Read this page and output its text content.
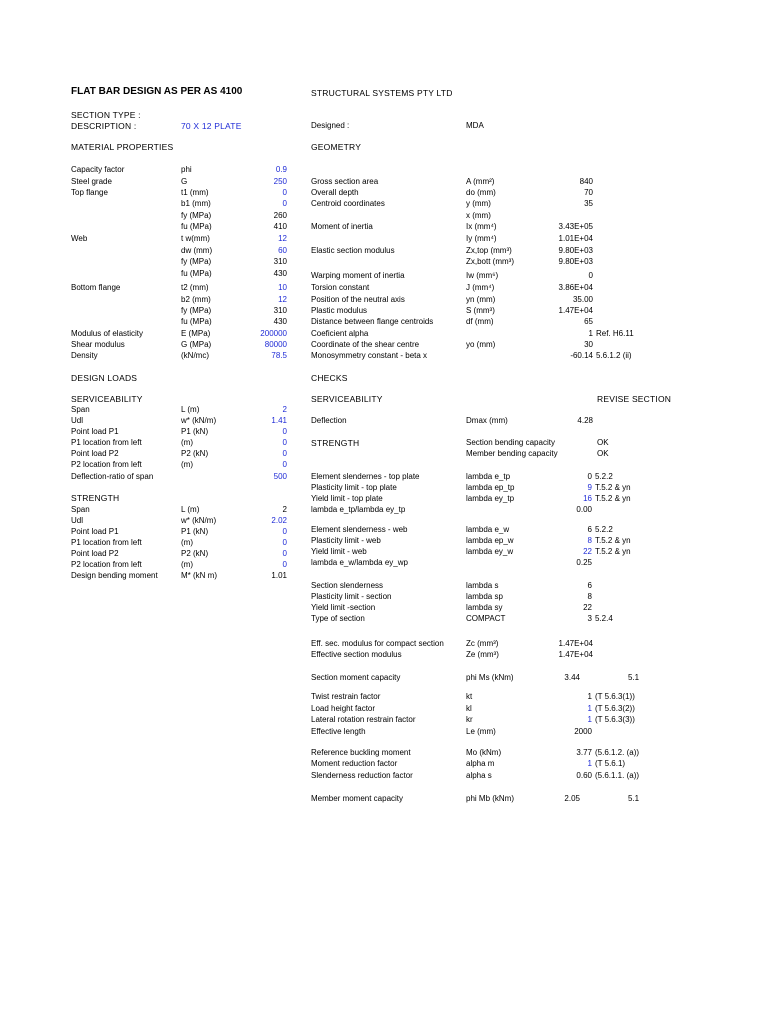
FLAT BAR DESIGN AS PER AS 4100	STRUCTURAL SYSTEMS PTY LTD
SECTION TYPE :
DESCRIPTION :	70 X 12 PLATE	Designed :	MDA
MATERIAL PROPERTIES	GEOMETRY
Capacity factor	phi	0.9
Steel grade	G	250
Top flange	t1 (mm)	0
b1 (mm)	0
fy (MPa)	260
fu (MPa)	410
Web	t w(mm)	12
dw (mm)	60
fy (MPa)	310
fu (MPa)	430
Bottom flange	t2 (mm)	10
b2 (mm)	12
fy (MPa)	310
fu (MPa)	430
Modulus of elasticity	E (MPa)	200000
Shear modulus	G (MPa)	80000
Density	(kN/mc)	78.5
Gross section area	A (mm²)	840
Overall depth	do (mm)	70
Centroid coordinates	y (mm)	35
x (mm)
Moment of inertia	Ix (mm⁴)	3.43E+05
Iy (mm⁴)	1.01E+04
Elastic section modulus	Zx,top (mm³)	9.80E+03
Zx,bott (mm³)	9.80E+03
Warping moment of inertia	Iw (mm⁶)	0
Torsion constant	J (mm⁴)	3.86E+04
Position of the neutral axis	yn (mm)	35.00
Plastic modulus	S (mm³)	1.47E+04
Distance between flange centroids	df (mm)	65
Coeficient alpha	1 Ref. H6.11
Coordinate of the shear centre	yo (mm)	30
Monosymmetry constant - beta x	-60.14 5.6.1.2 (ii)
DESIGN LOADS	CHECKS
SERVICEABILITY	SERVICEABILITY	REVISE SECTION
Span	L (m)	2
Udl	w* (kN/m)	1.41
Point load P1	P1 (kN)	0
P1 location from left	(m)	0
Point load P2	P2 (kN)	0
P2 location from left	(m)	0
Deflection-ratio of span	500
STRENGTH
Span	L (m)	2
Udl	w* (kN/m)	2.02
Point load P1	P1 (kN)	0
P1 location from left	(m)	0
Point load P2	P2 (kN)	0
P2 location from left	(m)	0
Design bending moment	M* (kN m)	1.01
Deflection	Dmax (mm)	4.28
STRENGTH	Section bending capacity	OK
Member bending capacity	OK
Element slendernes - top plate	lambda e_tp	0 5.2.2
Plasticity limit - top plate	lambda ep_tp	9 T.5.2 & yn
Yield limit - top plate	lambda ey_tp	16 T.5.2 & yn
lambda e_tp/lambda ey_tp	0.00
Element slenderness - web	lambda e_w	6 5.2.2
Plasticity limit - web	lambda ep_w	8 T.5.2 & yn
Yield limit - web	lambda ey_w	22 T.5.2 & yn
lambda e_w/lambda ey_wp	0.25
Section slenderness	lambda s	6
Plasticity limit - section	lambda sp	8
Yield limit -section	lambda sy	22
Type of section	COMPACT	3 5.2.4
Eff. sec. modulus for compact section	Zc (mm³)	1.47E+04
Effective section modulus	Ze (mm³)	1.47E+04
Section moment capacity	phi Ms (kNm)	3.44	5.1
Twist restrain factor	kt	1 (T 5.6.3(1))
Load height factor	kl	1 (T 5.6.3(2))
Lateral rotation restrain factor	kr	1 (T 5.6.3(3))
Effective length	Le (mm)	2000
Reference buckling moment	Mo (kNm)	3.77 (5.6.1.2. (a))
Moment reduction factor	alpha m	1 (T 5.6.1)
Slenderness reduction factor	alpha s	0.60 (5.6.1.1. (a))
Member moment capacity	phi Mb (kNm)	2.05	5.1
